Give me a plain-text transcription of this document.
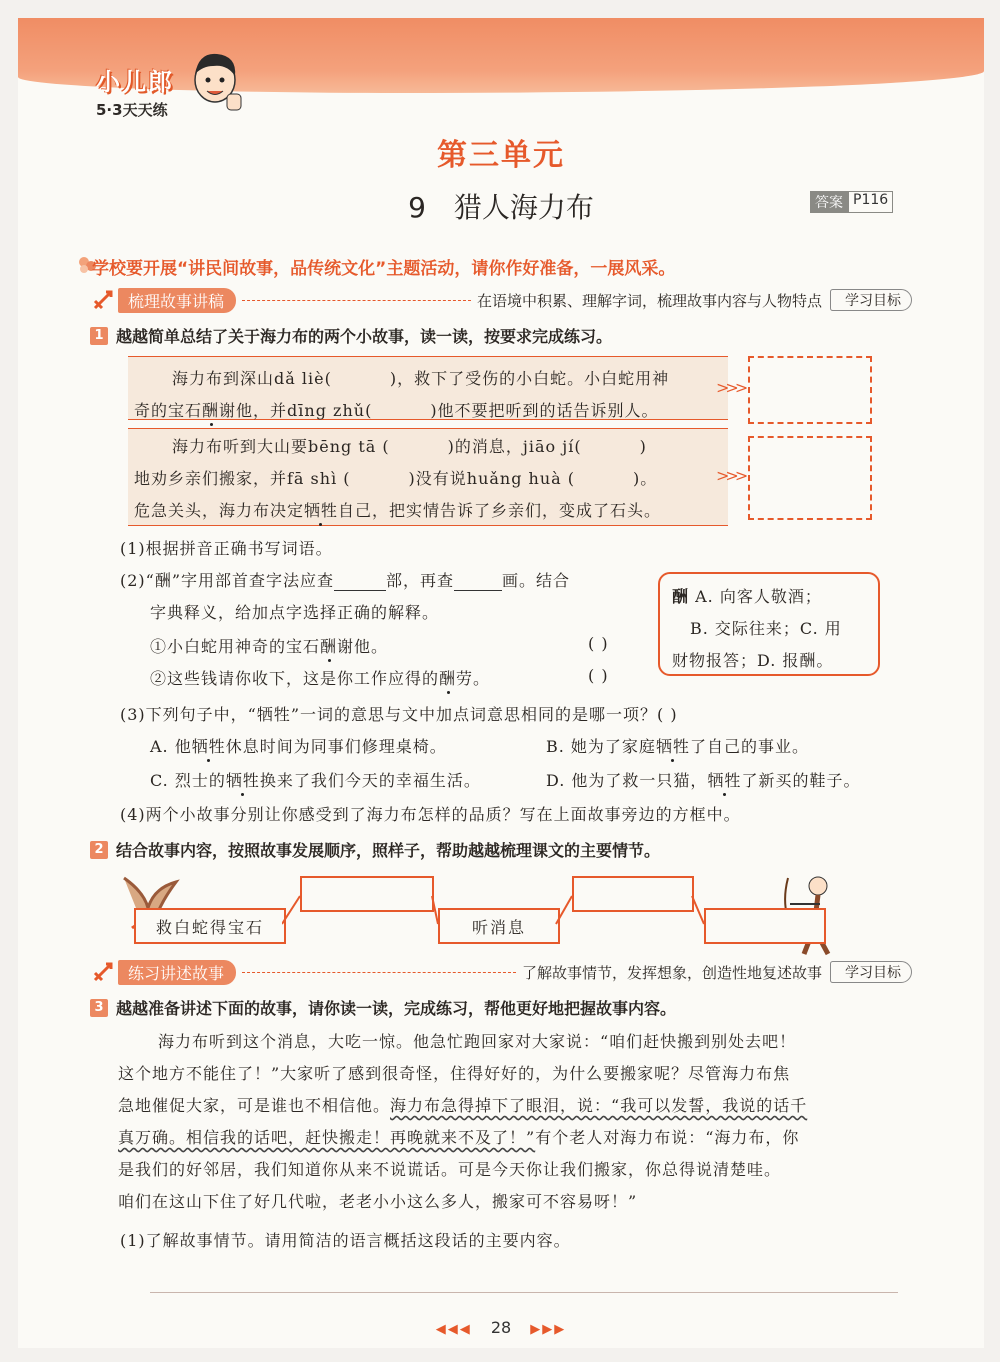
小儿郎
5·3天天练
第三单元
9 猎人海力布	答案 P116
学校要开展“讲民间故事，品传统文化”主题活动，请你作好准备，一展风采。
梳理故事讲稿	在语境中积累、理解字词，梳理故事内容与人物特点	学习目标
1 越越简单总结了关于海力布的两个小故事，读一读，按要求完成练习。
海力布到深山dǎ liè(	)，救下了受伤的小白蛇。小白蛇用神
奇的宝石酬谢他，并dīng zhǔ(	)他不要把听到的话告诉别人。
海力布听到大山要bēng tā (	)的消息，jiāo jí(	)
地劝乡亲们搬家，并fā shì (	)没有说huǎng huà (	)。
危急关头，海力布决定牺牲自己，把实情告诉了乡亲们，变成了石头。
>>>
>>>
(1)根据拼音正确书写词语。
(2)“酬”字用部首查字法应查	部，再查	画。结合
字典释义，给加点字选择正确的解释。
①小白蛇用神奇的宝石酬谢他。	( )
②这些钱请你收下，这是你工作应得的酬劳。	( )
酬 A. 向客人敬酒；
B. 交际往来；C. 用
财物报答；D. 报酬。
(3)下列句子中，“牺牲”一词的意思与文中加点词意思相同的是哪一项？( )
A. 他牺牲休息时间为同事们修理桌椅。	B. 她为了家庭牺牲了自己的事业。
C. 烈士的牺牲换来了我们今天的幸福生活。	D. 他为了救一只猫，牺牲了新买的鞋子。
(4)两个小故事分别让你感受到了海力布怎样的品质？写在上面故事旁边的方框中。
2 结合故事内容，按照故事发展顺序，照样子，帮助越越梳理课文的主要情节。
救白蛇得宝石	听消息
练习讲述故事	了解故事情节，发挥想象，创造性地复述故事	学习目标
3 越越准备讲述下面的故事，请你读一读，完成练习，帮他更好地把握故事内容。
海力布听到这个消息，大吃一惊。他急忙跑回家对大家说：“咱们赶快搬到别处去吧！
这个地方不能住了！”大家听了感到很奇怪，住得好好的，为什么要搬家呢？尽管海力布焦
急地催促大家，可是谁也不相信他。海力布急得掉下了眼泪，说：“我可以发誓，我说的话千
真万确。相信我的话吧，赶快搬走！再晚就来不及了！”有个老人对海力布说：“海力布，你
是我们的好邻居，我们知道你从来不说谎话。可是今天你让我们搬家，你总得说清楚哇。
咱们在这山下住了好几代啦，老老小小这么多人，搬家可不容易呀！”
(1)了解故事情节。请用简洁的语言概括这段话的主要内容。
◀◀◀ 28 ▶▶▶
